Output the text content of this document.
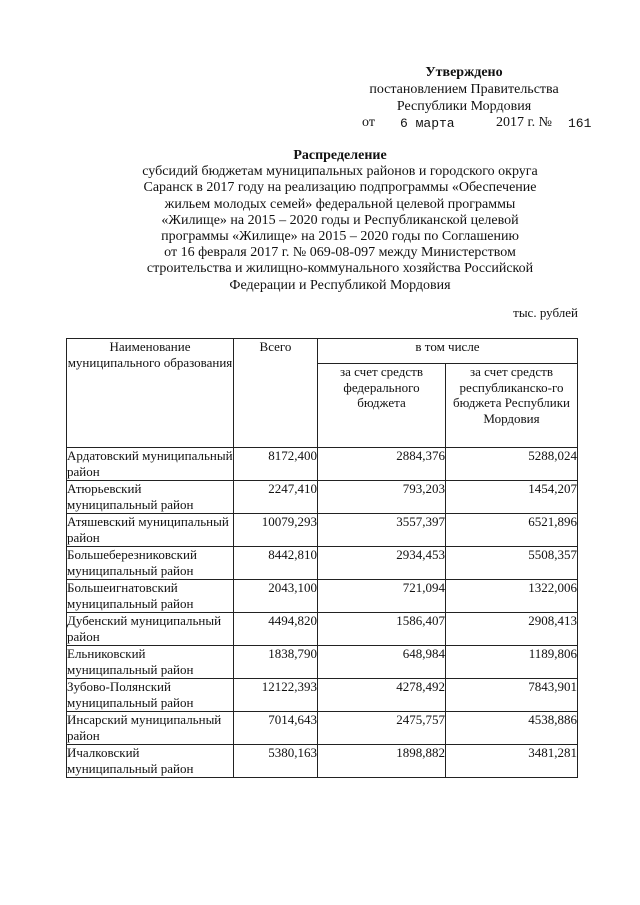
Утверждено
постановлением Правительства
Республики Мордовия
от 6 марта	2017 г. № 161
Распределение
субсидий бюджетам муниципальных районов и городского округа
Саранск в 2017 году на реализацию подпрограммы «Обеспечение
жильем молодых семей» федеральной целевой программы
«Жилище» на 2015 – 2020 годы и Республиканской целевой
программы «Жилище» на 2015 – 2020 годы по Соглашению
от 16 февраля 2017 г. № 069-08-097 между Министерством
строительства и жилищно-коммунального хозяйства Российской
Федерации и Республикой Мордовия
тыс. рублей
Наименование муниципального образования	Всего	в том числе	
		за счет средств федерального бюджета	за счет средств республиканско-го бюджета Республики Мордовия
Ардатовский муниципальный район	8172,400	2884,376	5288,024
Атюрьевский муниципальный район	2247,410	793,203	1454,207
Атяшевский муниципальный район	10079,293	3557,397	6521,896
Большеберезниковский муниципальный район	8442,810	2934,453	5508,357
Большеигнатовский муниципальный район	2043,100	721,094	1322,006
Дубенский муниципальный район	4494,820	1586,407	2908,413
Ельниковский муниципальный район	1838,790	648,984	1189,806
Зубово-Полянский муниципальный район	12122,393	4278,492	7843,901
Инсарский муниципальный район	7014,643	2475,757	4538,886
Ичалковский муниципальный район	5380,163	1898,882	3481,281
